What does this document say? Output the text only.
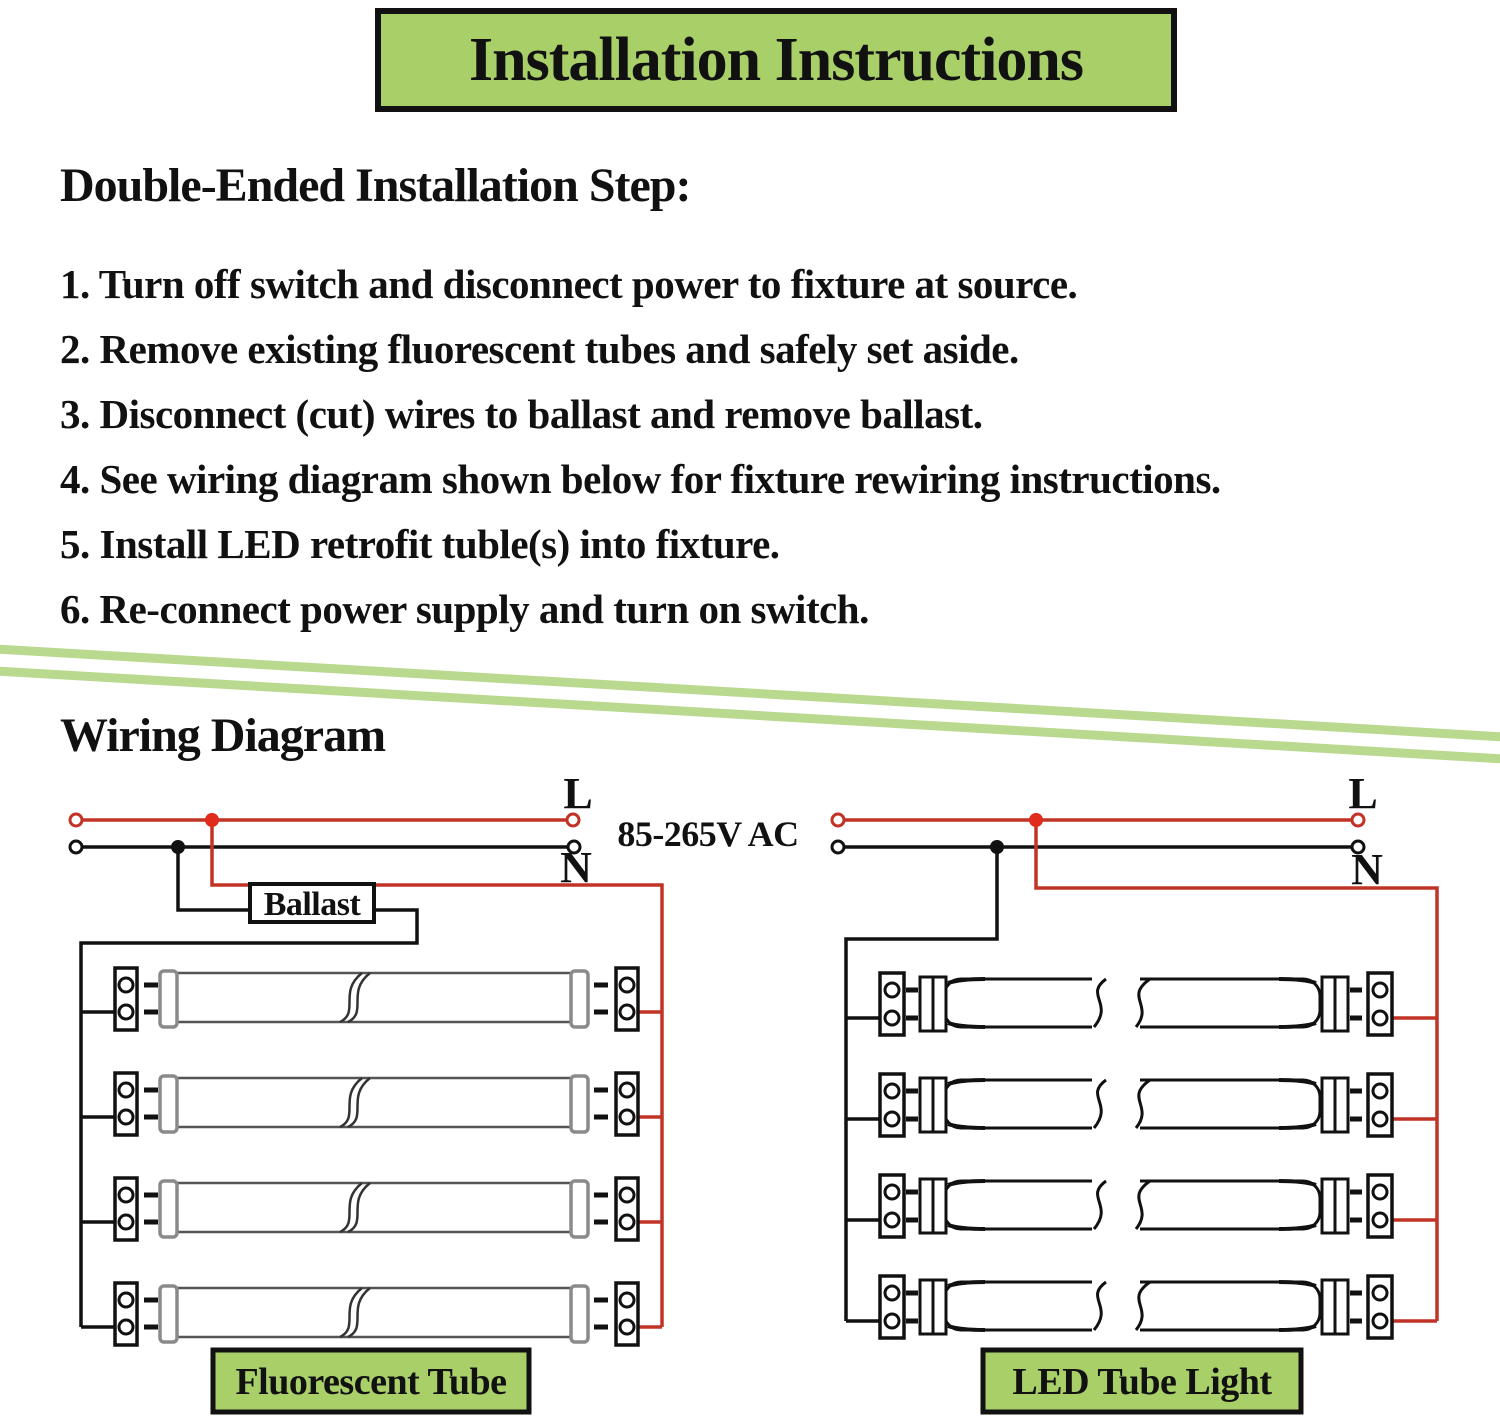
Installation Instructions
Double-Ended Installation Step:
1. Turn off switch and disconnect power to fixture at source.
2. Remove existing fluorescent tubes and safely set aside.
3. Disconnect (cut) wires to ballast and remove ballast.
4. See wiring diagram shown below for fixture rewiring instructions.
5. Install LED retrofit tuble(s) into fixture.
6. Re-connect power supply and turn on switch.
Wiring Diagram
Ballast
L
N
Fluorescent Tube
85-265V AC
L
N
LED Tube Light
